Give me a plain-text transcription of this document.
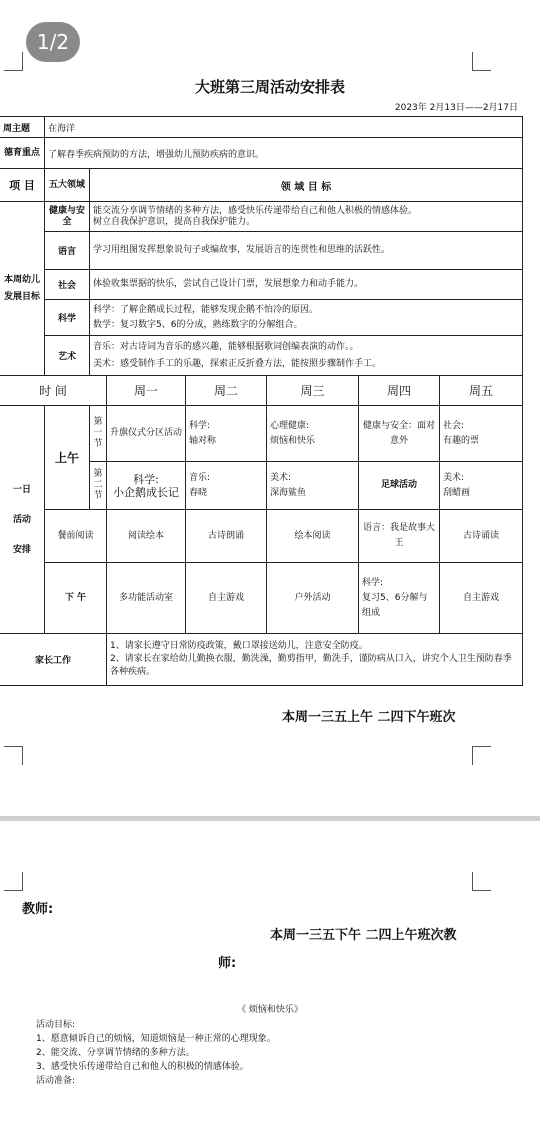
1/2
大班第三周活动安排表
2023年 2月13日——2月17日
周主题	在海洋						
德育重点	了解春季疾病预防的方法，增强幼儿预防疾病的意识。						
项 目	五大领域	领 域 目 标					
本周幼儿发展目标	健康与安全	能交流分享调节情绪的多种方法，感受快乐传递带给自己和他人积极的情感体验。
树立自我保护意识，提高自我保护能力。					

	语言	学习用组图发挥想象说句子或编故事，发展语言的连贯性和思维的活跃性。					
	社会	体验收集票据的快乐，尝试自己设计门票，发展想象力和动手能力。					
	科学	科学：了解企鹅成长过程，能够发现企鹅不怕冷的原因。
数学：复习数字5、6的分成，熟练数字的分解组合。					

	艺术	音乐：对古诗词为音乐的感兴趣，能够根据歌词创编表演的动作。。
美术：感受制作手工的乐趣，探索正反折叠方法，能按照步骤制作手工。					

时 间			周一	周二	周三	周四	周五
一日活动安排	上午	第一节	升旗仪式分区活动	科学:
轴对称	心理健康:
烦恼和快乐	健康与安全：面对意外	社会:
有趣的票
		第二节	科学:
小企鹅成长记	音乐:
春晓	美术:
深海鲨鱼	足球活动	美术:
刮蜡画
	餐前阅读		阅读绘本	古诗朗诵	绘本阅读	语言：我是故事大王	古诗诵读
	下 午		多功能活动室	自主游戏	户外活动	科学:
复习5、6分解与组成	自主游戏
家长工作			1、请家长遵守日常防疫政策，戴口罩接送幼儿，注意安全防疫。
2、请家长在家给幼儿勤换衣服，勤洗澡，勤剪指甲，勤洗手，谨防病从口入，讲究个人卫生预防春季各种疾病。				
本周一三五上午 二四下午班次
教师:
本周一三五下午 二四上午班次教
师:
《 烦恼和快乐》
活动目标:
1、愿意倾诉自己的烦恼，知道烦恼是一种正常的心理现象。
2、能交流、分享调节情绪的多种方法。
3、感受快乐传递带给自己和他人的积极的情感体验。
活动准备:
